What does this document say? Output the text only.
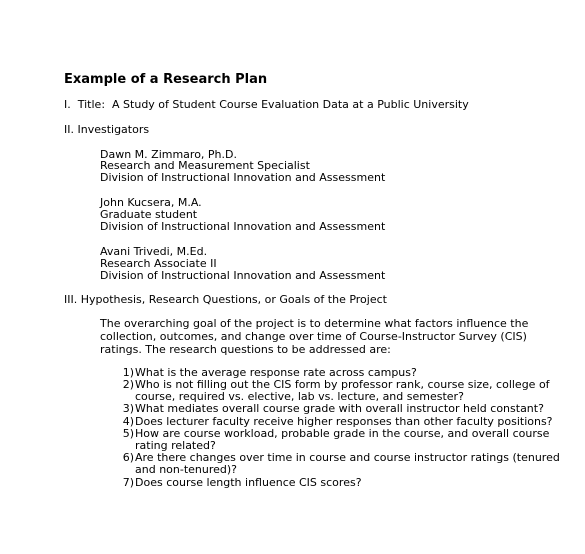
Example of a Research Plan
I. Title: A Study of Student Course Evaluation Data at a Public University
II. Investigators
Dawn M. Zimmaro, Ph.D.
Research and Measurement Specialist
Division of Instructional Innovation and Assessment
John Kucsera, M.A.
Graduate student
Division of Instructional Innovation and Assessment
Avani Trivedi, M.Ed.
Research Associate II
Division of Instructional Innovation and Assessment
III. Hypothesis, Research Questions, or Goals of the Project
The overarching goal of the project is to determine what factors influence the
collection, outcomes, and change over time of Course-Instructor Survey (CIS)
ratings. The research questions to be addressed are:
1) What is the average response rate across campus?
2) Who is not filling out the CIS form by professor rank, course size, college of
course, required vs. elective, lab vs. lecture, and semester?
3) What mediates overall course grade with overall instructor held constant?
4) Does lecturer faculty receive higher responses than other faculty positions?
5) How are course workload, probable grade in the course, and overall course
rating related?
6) Are there changes over time in course and course instructor ratings (tenured
and non-tenured)?
7) Does course length influence CIS scores?
